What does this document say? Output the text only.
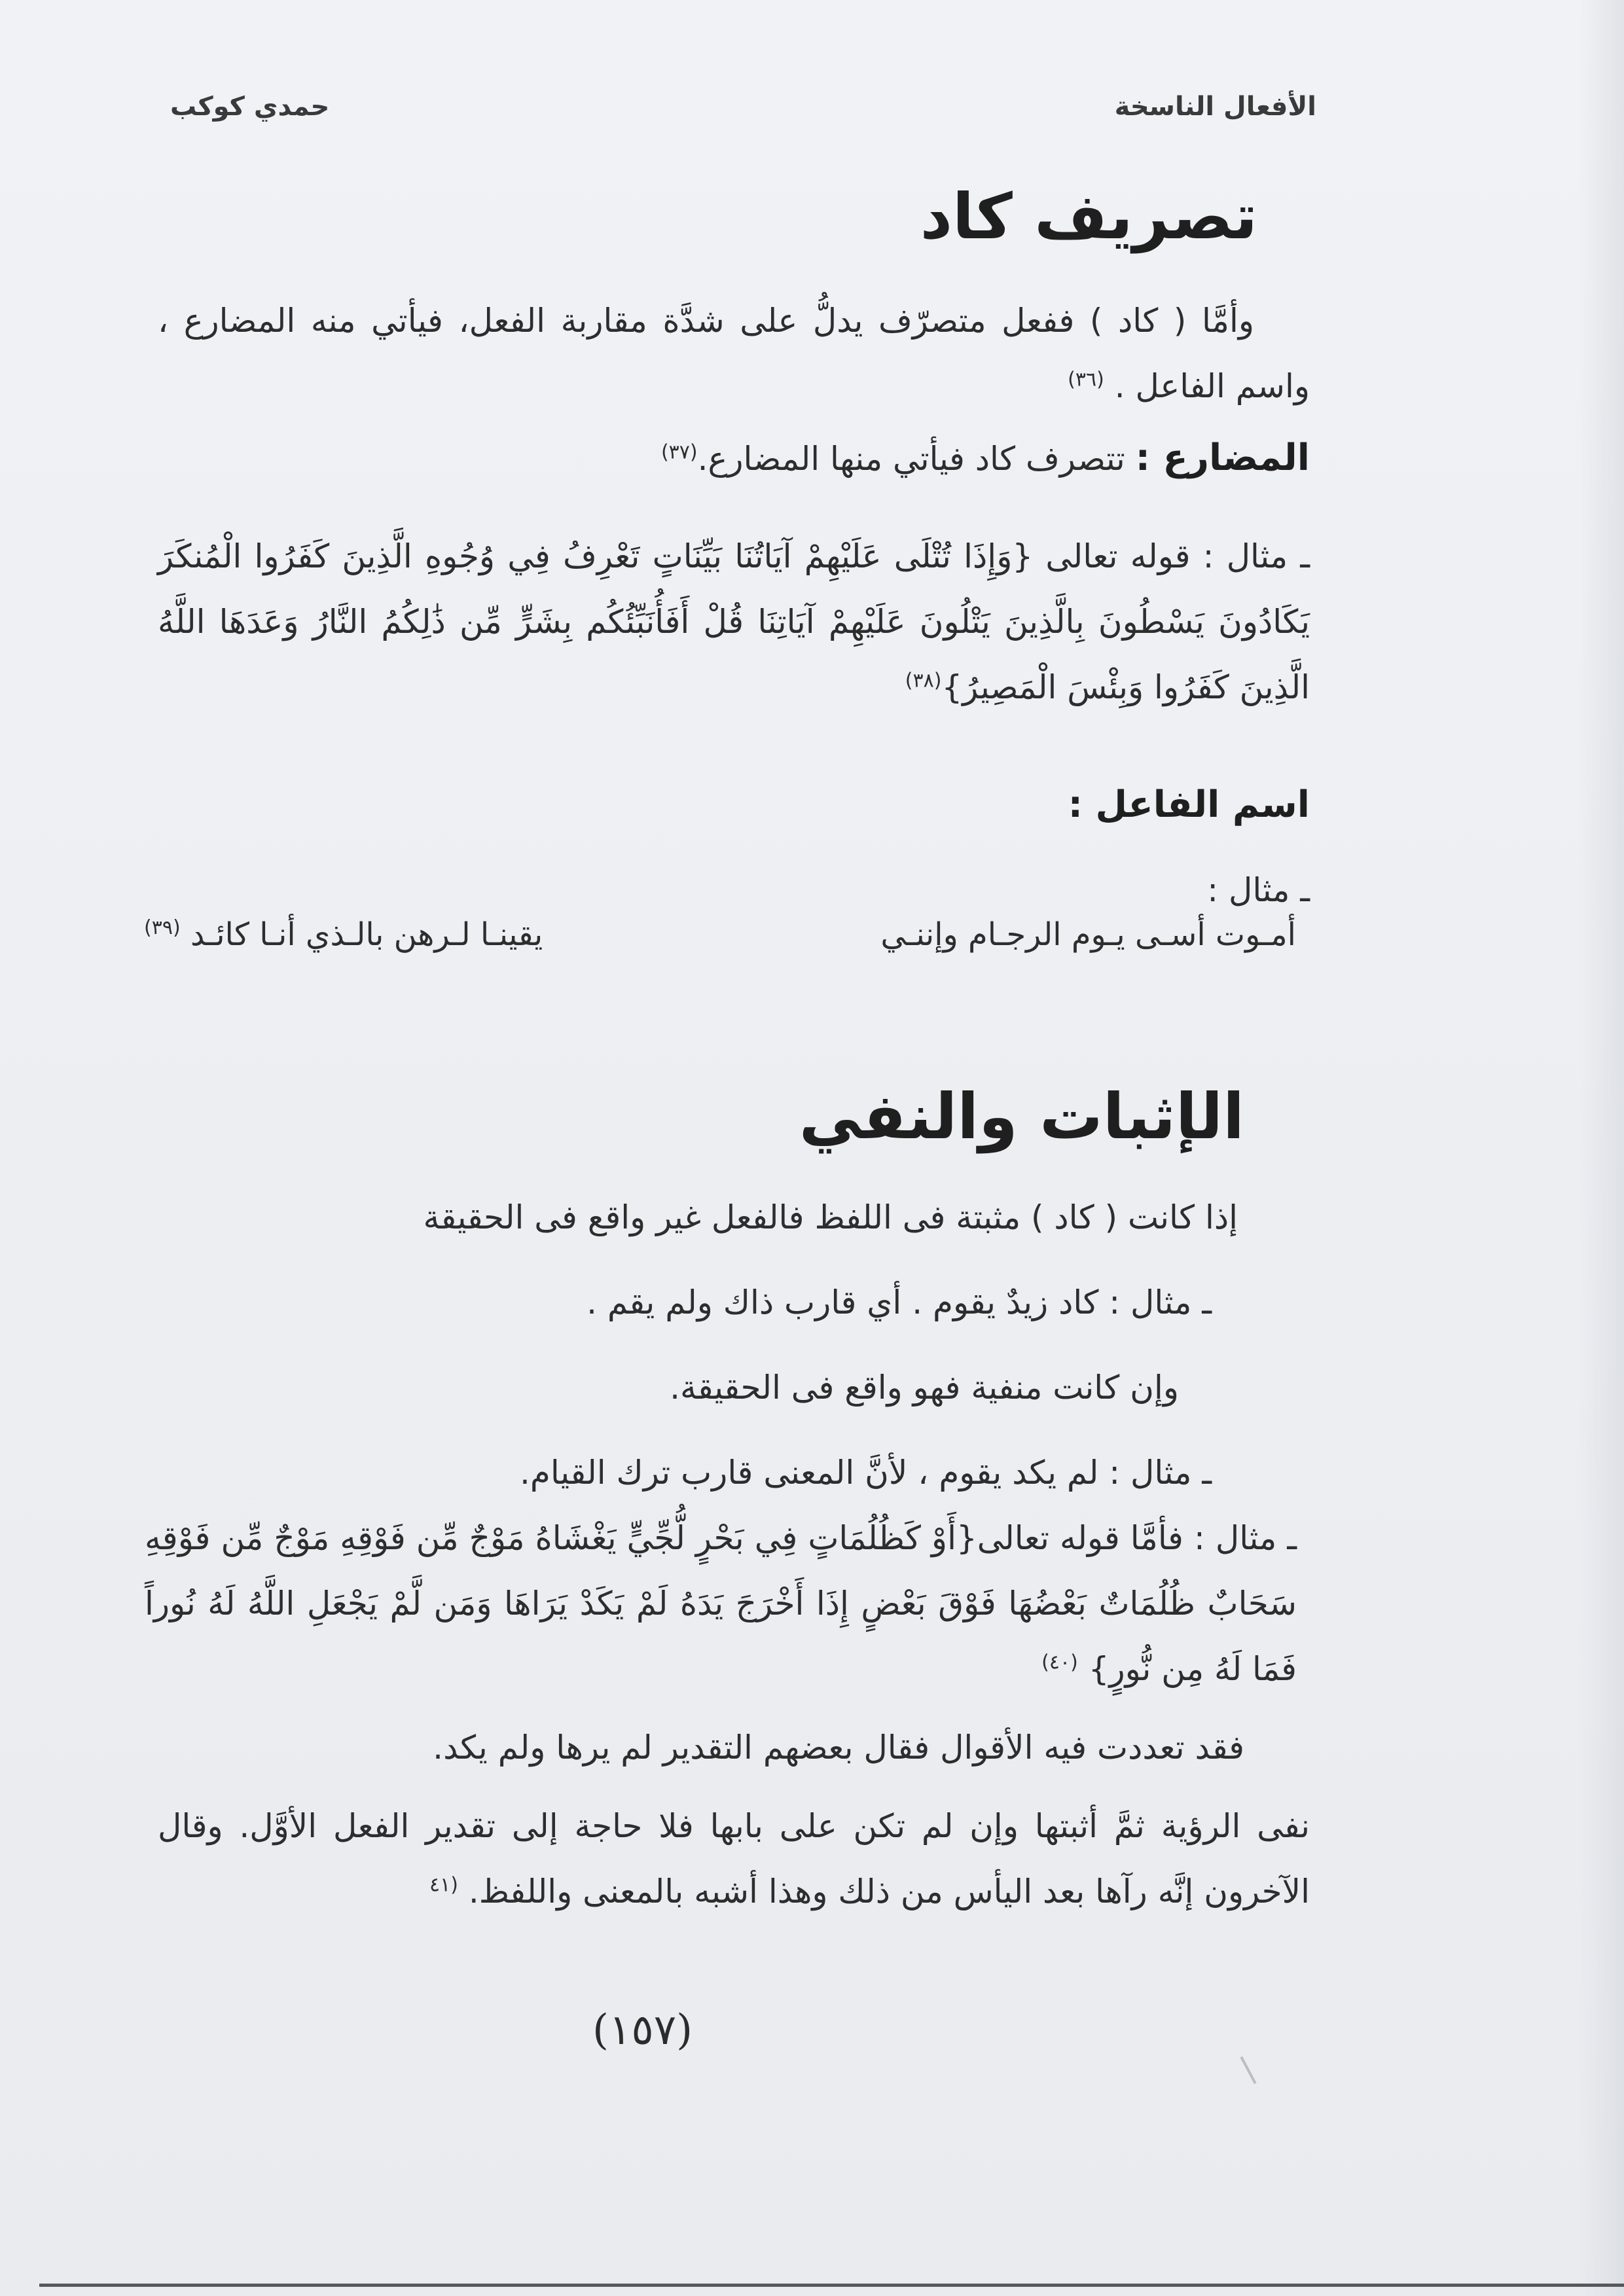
الأفعال الناسخة
حمدي كوكب
تصريف كاد
وأمَّا ( كاد ) ففعل متصرّف يدلُّ على شدَّة مقاربة الفعل، فيأتي منه المضارع ، واسم الفاعل . $^{(٣٦)}$
المضارع : تتصرف كاد فيأتي منها المضارع.$^{(٣٧)}$
ـ مثال : قوله تعالى {وَإِذَا تُتْلَى عَلَيْهِمْ آيَاتُنَا بَيِّنَاتٍ تَعْرِفُ فِي وُجُوهِ الَّذِينَ كَفَرُوا الْمُنكَرَ يَكَادُونَ يَسْطُونَ بِالَّذِينَ يَتْلُونَ عَلَيْهِمْ آيَاتِنَا قُلْ أَفَأُنَبِّئُكُم بِشَرٍّ مِّن ذَٰلِكُمُ النَّارُ وَعَدَهَا اللَّهُ الَّذِينَ كَفَرُوا وَبِئْسَ الْمَصِيرُ}$^{(٣٨)}$
اسم الفاعل :
ـ مثال :
أمـوت أسـى يـوم الرجـام وإننـي
يقينـا لـرهن بالـذي أنـا كائـد $^{(٣٩)}$
الإثبات والنفي
إذا كانت ( كاد ) مثبتة فى اللفظ فالفعل غير واقع فى الحقيقة
ـ مثال : كاد زيدٌ يقوم . أي قارب ذاك ولم يقم .
وإن كانت منفية فهو واقع فى الحقيقة.
ـ مثال : لم يكد يقوم ، لأنَّ المعنى قارب ترك القيام.
ـ مثال : فأمَّا قوله تعالى{أَوْ كَظُلُمَاتٍ فِي بَحْرٍ لُّجِّيٍّ يَغْشَاهُ مَوْجٌ مِّن فَوْقِهِ مَوْجٌ مِّن فَوْقِهِ سَحَابٌ ظُلُمَاتٌ بَعْضُهَا فَوْقَ بَعْضٍ إِذَا أَخْرَجَ يَدَهُ لَمْ يَكَدْ يَرَاهَا وَمَن لَّمْ يَجْعَلِ اللَّهُ لَهُ نُوراً فَمَا لَهُ مِن نُّورٍ} $^{(٤٠)}$
فقد تعددت فيه الأقوال فقال بعضهم التقدير لم يرها ولم يكد.
نفى الرؤية ثمَّ أثبتها وإن لم تكن على بابها فلا حاجة إلى تقدير الفعل الأوَّل. وقال الآخرون إنَّه رآها بعد اليأس من ذلك وهذا أشبه بالمعنى واللفظ. $^{(٤١}$
(١٥٧)
